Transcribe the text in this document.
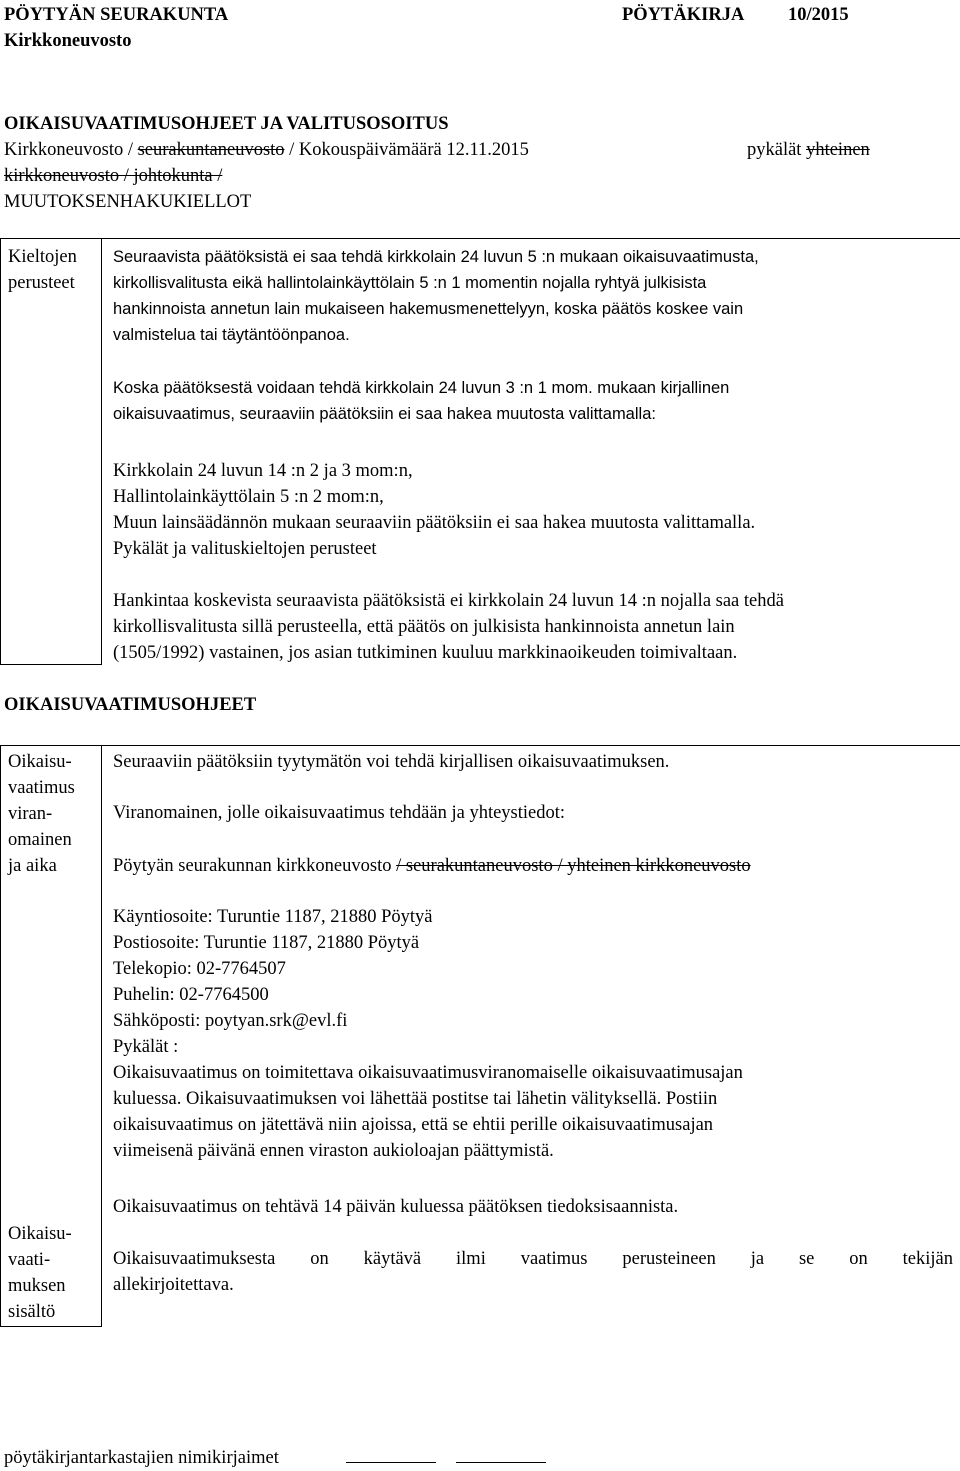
PÖYTYÄN SEURAKUNTA
Kirkkoneuvosto
PÖYTÄKIRJA 10/2015
OIKAISUVAATIMUSOHJEET JA VALITUSOSOITUS
Kirkkoneuvosto / seurakuntaneuvosto / Kokouspäivämäärä 12.11.2015	pykälät yhteinen
kirkkoneuvosto / johtokunta /
MUUTOKSENHAKUKIELLOT
Kieltojen
perusteet
Seuraavista päätöksistä ei saa tehdä kirkkolain 24 luvun 5 :n mukaan oikaisuvaatimusta,
kirkollisvalitusta eikä hallintolainkäyttölain 5 :n 1 momentin nojalla ryhtyä julkisista
hankinnoista annetun lain mukaiseen hakemusmenettelyyn, koska päätös koskee vain
valmistelua tai täytäntöönpanoa.
Koska päätöksestä voidaan tehdä kirkkolain 24 luvun 3 :n 1 mom. mukaan kirjallinen
oikaisuvaatimus, seuraaviin päätöksiin ei saa hakea muutosta valittamalla:
Kirkkolain 24 luvun 14 :n 2 ja 3 mom:n,
Hallintolainkäyttölain 5 :n 2 mom:n,
Muun lainsäädännön mukaan seuraaviin päätöksiin ei saa hakea muutosta valittamalla.
Pykälät ja valituskieltojen perusteet
Hankintaa koskevista seuraavista päätöksistä ei kirkkolain 24 luvun 14 :n nojalla saa tehdä
kirkollisvalitusta sillä perusteella, että päätös on julkisista hankinnoista annetun lain
(1505/1992) vastainen, jos asian tutkiminen kuuluu markkinaoikeuden toimivaltaan.
OIKAISUVAATIMUSOHJEET
Oikaisu-
vaatimus
viran-
omainen
ja aika
Oikaisu-
vaati-
muksen
sisältö
Seuraaviin päätöksiin tyytymätön voi tehdä kirjallisen oikaisuvaatimuksen.
Viranomainen, jolle oikaisuvaatimus tehdään ja yhteystiedot:
Pöytyän seurakunnan kirkkoneuvosto / seurakuntaneuvosto / yhteinen kirkkoneuvosto
Käyntiosoite: Turuntie 1187, 21880 Pöytyä
Postiosoite: Turuntie 1187, 21880 Pöytyä
Telekopio: 02-7764507
Puhelin: 02-7764500
Sähköposti: poytyan.srk@evl.fi
Pykälät :
Oikaisuvaatimus on toimitettava oikaisuvaatimusviranomaiselle oikaisuvaatimusajan
kuluessa. Oikaisuvaatimuksen voi lähettää postitse tai lähetin välityksellä. Postiin
oikaisuvaatimus on jätettävä niin ajoissa, että se ehtii perille oikaisuvaatimusajan
viimeisenä päivänä ennen viraston aukioloajan päättymistä.
Oikaisuvaatimus on tehtävä 14 päivän kuluessa päätöksen tiedoksisaannista.
Oikaisuvaatimuksesta on käytävä ilmi vaatimus perusteineen ja se on tekijän
allekirjoitettava.
pöytäkirjantarkastajien nimikirjaimet
